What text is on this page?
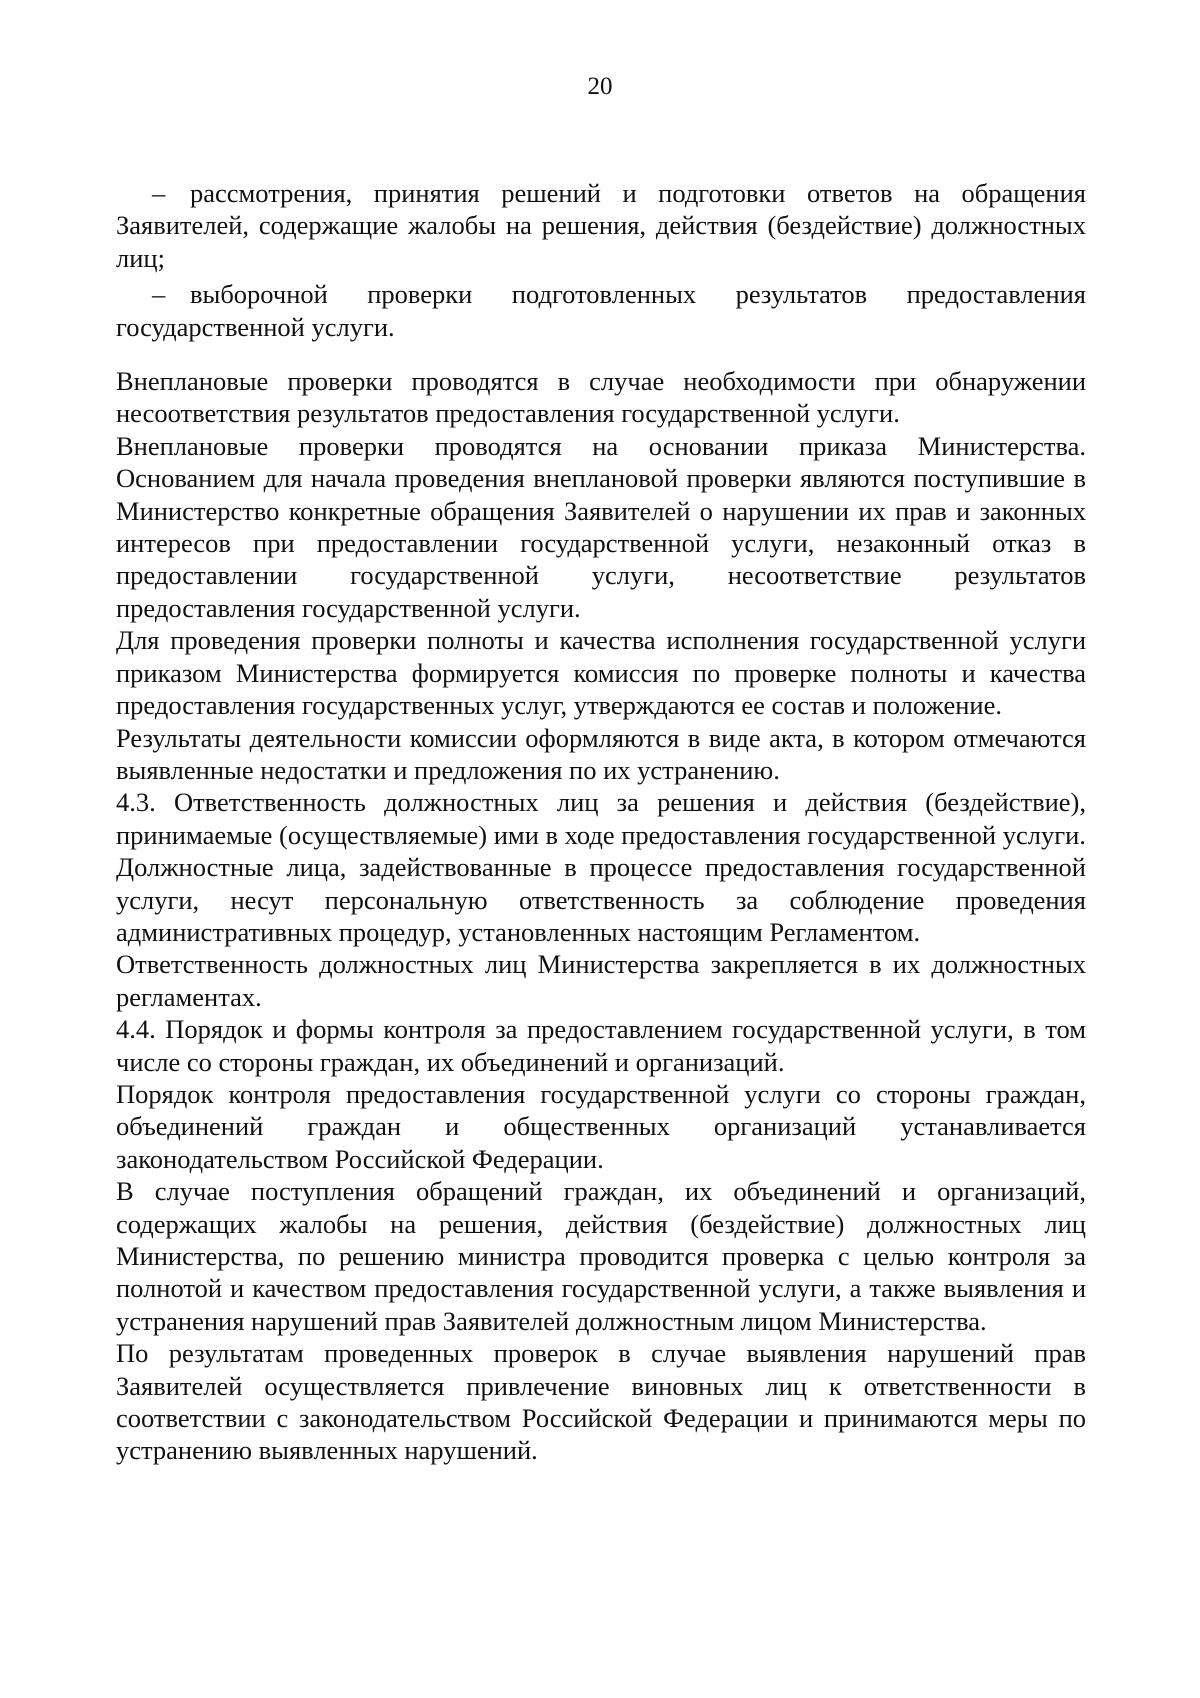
20

– рассмотрения, принятия решений и подготовки ответов на обращения Заявителей, содержащие жалобы на решения, действия (бездействие) должностных лиц;

– выборочной проверки подготовленных результатов предоставления государственной услуги.

Внеплановые проверки проводятся в случае необходимости при обнаружении несоответствия результатов предоставления государственной услуги.

Внеплановые проверки проводятся на основании приказа Министерства. Основанием для начала проведения внеплановой проверки являются поступившие в Министерство конкретные обращения Заявителей о нарушении их прав и законных интересов при предоставлении государственной услуги, незаконный отказ в предоставлении государственной услуги, несоответствие результатов предоставления государственной услуги.

Для проведения проверки полноты и качества исполнения государственной услуги приказом Министерства формируется комиссия по проверке полноты и качества предоставления государственных услуг, утверждаются ее состав и положение.

Результаты деятельности комиссии оформляются в виде акта, в котором отмечаются выявленные недостатки и предложения по их устранению.

4.3. Ответственность должностных лиц за решения и действия (бездействие), принимаемые (осуществляемые) ими в ходе предоставления государственной услуги.

Должностные лица, задействованные в процессе предоставления государственной услуги, несут персональную ответственность за соблюдение проведения административных процедур, установленных настоящим Регламентом.

Ответственность должностных лиц Министерства закрепляется в их должностных регламентах.

4.4. Порядок и формы контроля за предоставлением государственной услуги, в том числе со стороны граждан, их объединений и организаций.

Порядок контроля предоставления государственной услуги со стороны граждан, объединений граждан и общественных организаций устанавливается законодательством Российской Федерации.

В случае поступления обращений граждан, их объединений и организаций, содержащих жалобы на решения, действия (бездействие) должностных лиц Министерства, по решению министра проводится проверка с целью контроля за полнотой и качеством предоставления государственной услуги, а также выявления и устранения нарушений прав Заявителей должностным лицом Министерства.

По результатам проведенных проверок в случае выявления нарушений прав Заявителей осуществляется привлечение виновных лиц к ответственности в соответствии с законодательством Российской Федерации и принимаются меры по устранению выявленных нарушений.
